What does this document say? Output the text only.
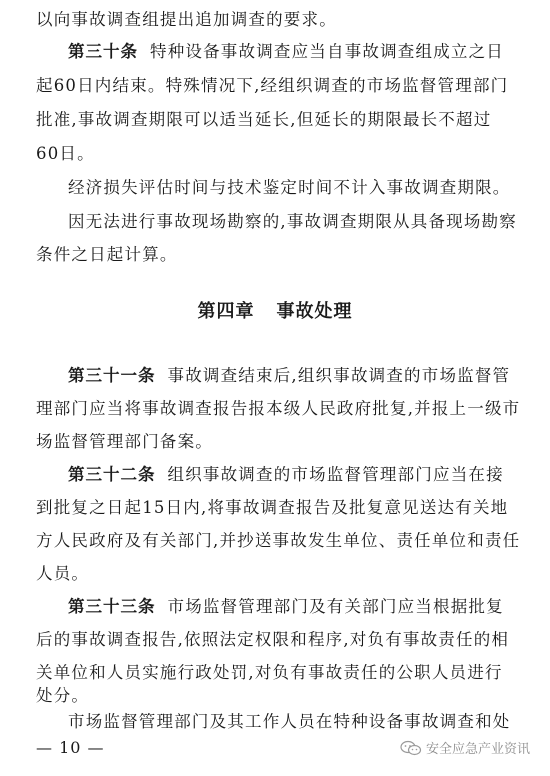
以向事故调查组提出追加调查的要求。
第三十条 特种设备事故调查应当自事故调查组成立之日
起60日内结束。特殊情况下,经组织调查的市场监督管理部门
批准,事故调查期限可以适当延长,但延长的期限最长不超过
60日。
经济损失评估时间与技术鉴定时间不计入事故调查期限。
因无法进行事故现场勘察的,事故调查期限从具备现场勘察
条件之日起计算。
第四章 事故处理
第三十一条 事故调查结束后,组织事故调查的市场监督管
理部门应当将事故调查报告报本级人民政府批复,并报上一级市
场监督管理部门备案。
第三十二条 组织事故调查的市场监督管理部门应当在接
到批复之日起15日内,将事故调查报告及批复意见送达有关地
方人民政府及有关部门,并抄送事故发生单位、责任单位和责任
人员。
第三十三条 市场监督管理部门及有关部门应当根据批复
后的事故调查报告,依照法定权限和程序,对负有事故责任的相
关单位和人员实施行政处罚,对负有事故责任的公职人员进行
处分。
市场监督管理部门及其工作人员在特种设备事故调查和处
— 10 —	安全应急产业资讯
